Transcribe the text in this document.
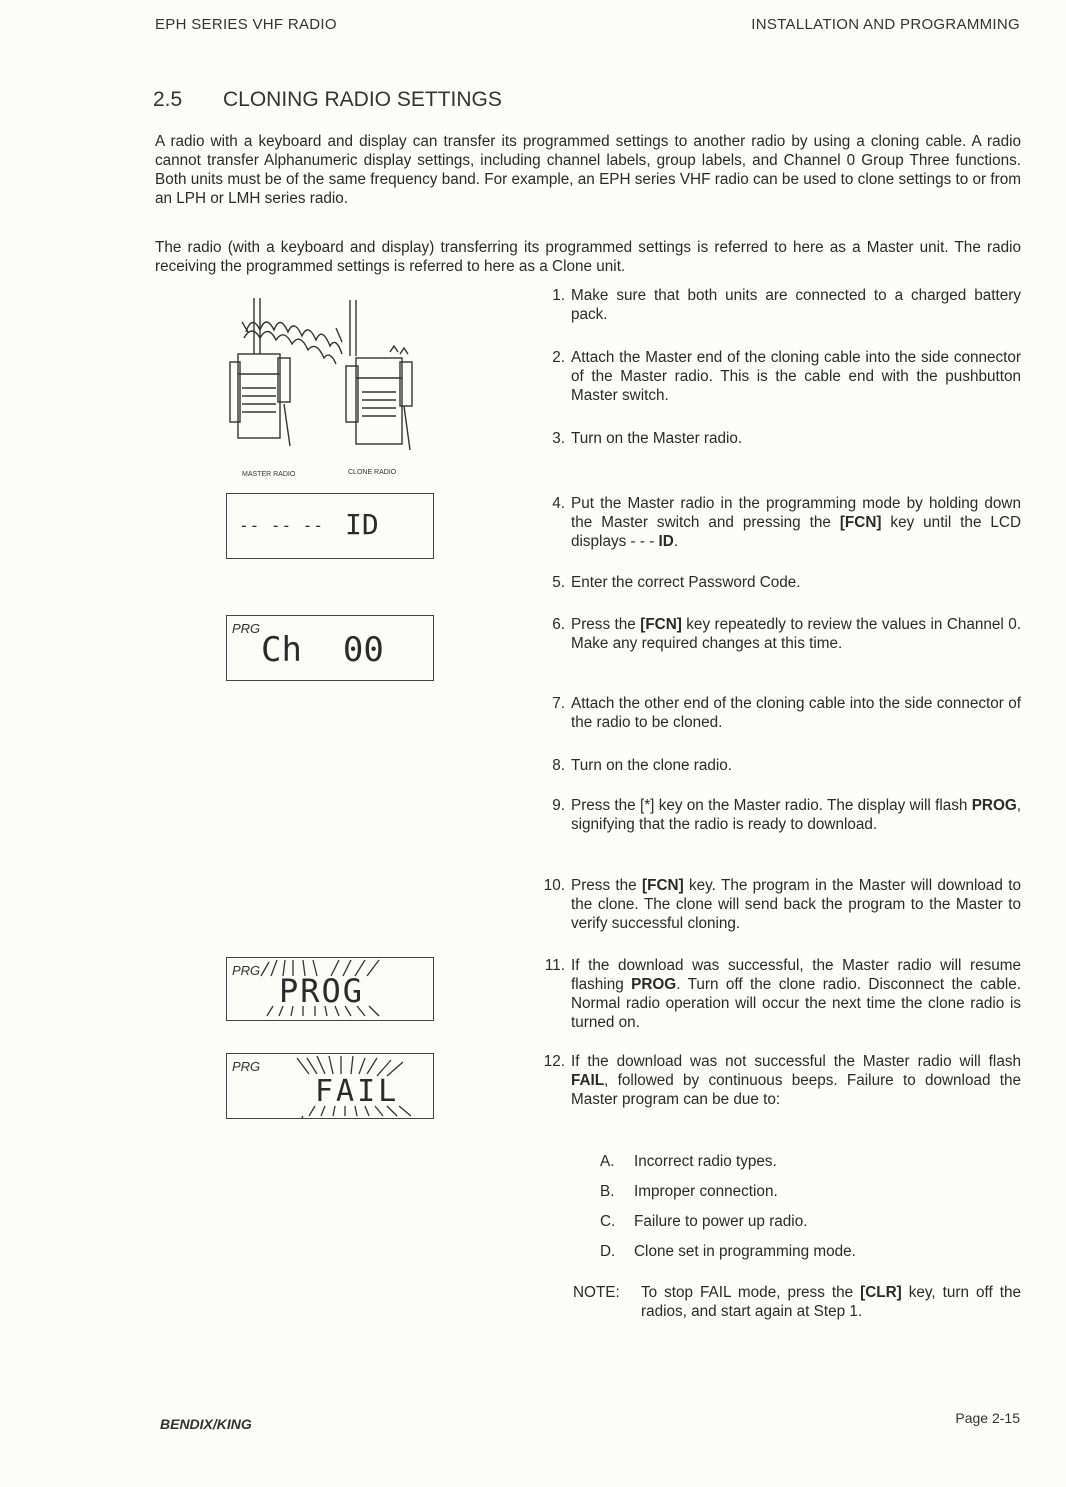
EPH SERIES VHF RADIO	INSTALLATION AND PROGRAMMING
2.5 CLONING RADIO SETTINGS

A radio with a keyboard and display can transfer its programmed settings to another radio by using a cloning cable. A radio cannot transfer Alphanumeric display settings, including channel labels, group labels, and Channel 0 Group Three functions. Both units must be of the same frequency band. For example, an EPH series VHF radio can be used to clone settings to or from an LPH or LMH series radio.

The radio (with a keyboard and display) transferring its programmed settings is referred to here as a Master unit. The radio receiving the programmed settings is referred to here as a Clone unit.

MASTER RADIO	CLONE RADIO
-- -- -- ID
PRG
Ch  00
PRG
PROG
PRG
FAIL
1. Make sure that both units are connected to a charged battery pack.
2. Attach the Master end of the cloning cable into the side connector of the Master radio. This is the cable end with the pushbutton Master switch.
3. Turn on the Master radio.
4. Put the Master radio in the programming mode by holding down the Master switch and pressing the [FCN] key until the LCD displays - - - ID.
5. Enter the correct Password Code.
6. Press the [FCN] key repeatedly to review the values in Channel 0. Make any required changes at this time.
7. Attach the other end of the cloning cable into the side connector of the radio to be cloned.
8. Turn on the clone radio.
9. Press the [*] key on the Master radio. The display will flash PROG, signifying that the radio is ready to download.
10. Press the [FCN] key. The program in the Master will download to the clone. The clone will send back the program to the Master to verify successful cloning.
11. If the download was successful, the Master radio will resume flashing PROG. Turn off the clone radio. Disconnect the cable. Normal radio operation will occur the next time the clone radio is turned on.
12. If the download was not successful the Master radio will flash FAIL, followed by continuous beeps. Failure to download the Master program can be due to:
A. Incorrect radio types.
B. Improper connection.
C. Failure to power up radio.
D. Clone set in programming mode.
NOTE: To stop FAIL mode, press the [CLR] key, turn off the radios, and start again at Step 1.
BENDIX/KING	Page 2-15
